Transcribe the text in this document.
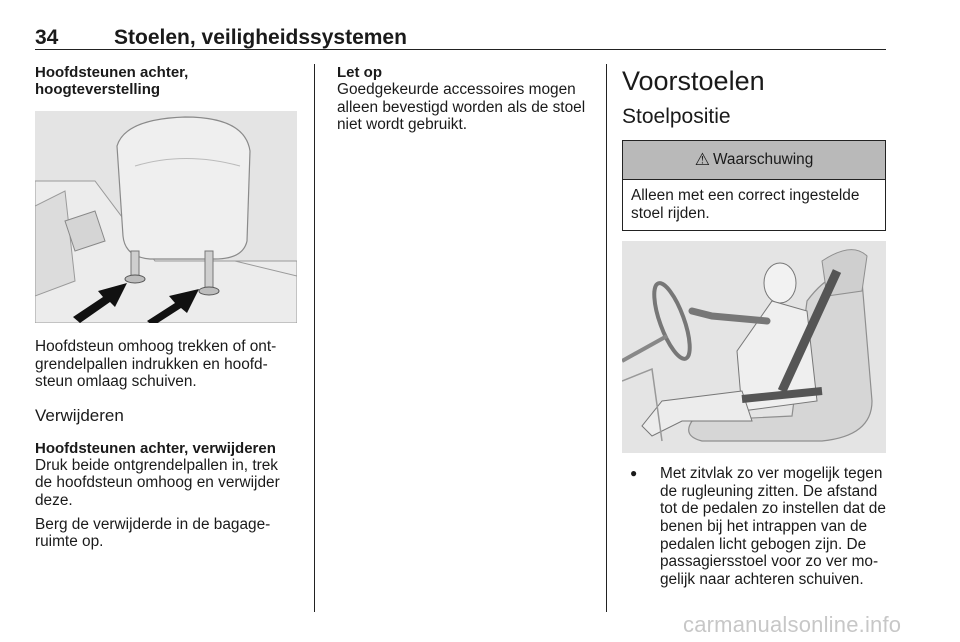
34	Stoelen, veiligheidssystemen

Hoofdsteunen achter,
hoogteverstelling

Hoofdsteun omhoog trekken of ont-
grendelpallen indrukken en hoofd-
steun omlaag schuiven.

Verwijderen

Hoofdsteunen achter, verwijderen

Druk beide ontgrendelpallen in, trek
de hoofdsteun omhoog en verwijder
deze.

Berg de verwijderde in de bagage-
ruimte op.

Let op

Goedgekeurde accessoires mogen
alleen bevestigd worden als de stoel
niet wordt gebruikt.

Voorstoelen

Stoelpositie

⚠ Waarschuwing
Alleen met een correct ingestelde
stoel rijden.
●	Met zitvlak zo ver mogelijk tegen
de rugleuning zitten. De afstand
tot de pedalen zo instellen dat de
benen bij het intrappen van de
pedalen licht gebogen zijn. De
passagiersstoel voor zo ver mo-
gelijk naar achteren schuiven.
carmanualsonline.info
